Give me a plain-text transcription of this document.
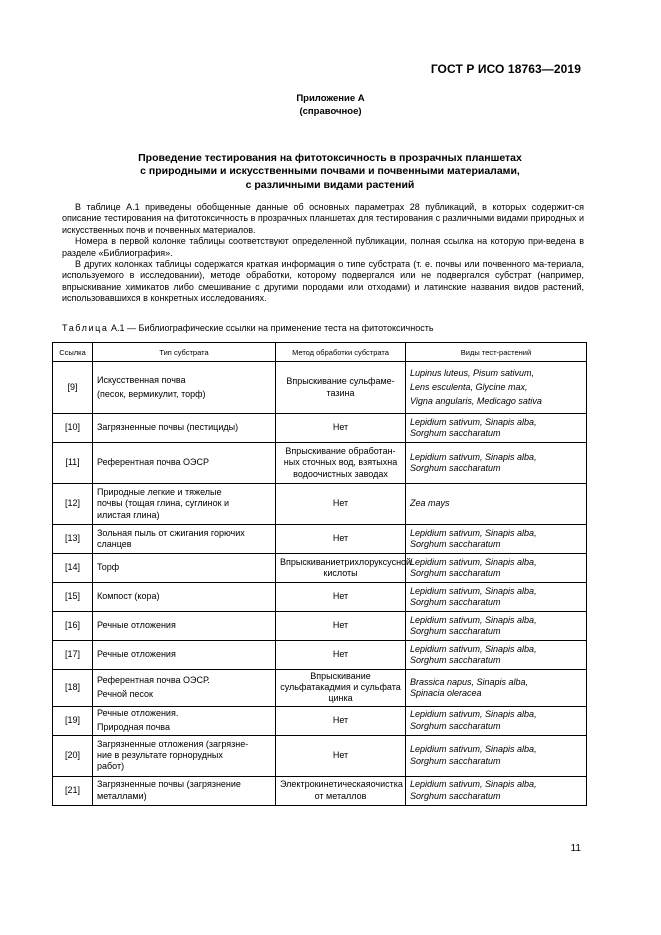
ГОСТ Р ИСО 18763—2019
Приложение А
(справочное)
Проведение тестирования на фитотоксичность в прозрачных планшетах
с природными и искусственными почвами и почвенными материалами,
с различными видами растений

В таблице А.1 приведены обобщенные данные об основных параметрах 28 публикаций, в которых содержит-ся описание тестирования на фитотоксичность в прозрачных планшетах для тестирования с различными видами природных и искусственных почв и почвенных материалов.

Номера в первой колонке таблицы соответствуют определенной публикации, полная ссылка на которую при-ведена в разделе «Библиография».

В других колонках таблицы содержатся краткая информация о типе субстрата (т. е. почвы или почвенного ма-териала, используемого в исследовании), методе обработки, которому подвергался или не подвергался субстрат (например, впрыскивание химикатов либо смешивание с другими породами или отходами) и латинские названия видов растений, использовавшихся в конкретных исследованиях.

Таблица А.1 — Библиографические ссылки на применение теста на фитотоксичность
Ссылка	Тип субстрата	Метод обработки субстрата	Виды тест-растений
[9]	Искусственная почва
(песок, вермикулит, торф)	Впрыскивание сульфаме-тазина	Lupinus luteus, Pisum sativum,
Lens esculenta, Glycine max,
Vigna angularis, Medicago sativa

[10]	Загрязненные почвы (пестициды)	Нет	Lepidium sativum, Sinapis alba,
Sorghum saccharatum

[11]	Референтная почва ОЭСР	Впрыскивание обработан-ных сточных вод, взятыхна водоочистных заводах	Lepidium sativum, Sinapis alba,
Sorghum saccharatum

[12]	Природные легкие и тяжелые
почвы (тощая глина, суглинок и
илистая глина)	Нет	Zea mays

[13]	Зольная пыль от сжигания горючих
сланцев	Нет	Lepidium sativum, Sinapis alba,
Sorghum saccharatum

[14]	Торф	Впрыскиваниетрихлоруксусной кислоты	Lepidium sativum, Sinapis alba,
Sorghum saccharatum

[15]	Компост (кора)	Нет	Lepidium sativum, Sinapis alba,
Sorghum saccharatum

[16]	Речные отложения	Нет	Lepidium sativum, Sinapis alba,
Sorghum saccharatum

[17]	Речные отложения	Нет	Lepidium sativum, Sinapis alba,
Sorghum saccharatum

[18]	Референтная почва ОЭСР.
Речной песок	Впрыскивание сульфатакадмия и сульфата цинка	Brassica napus, Sinapis alba,
Spinacia oleracea

[19]	Речные отложения.
Природная почва	Нет	Lepidium sativum, Sinapis alba,
Sorghum saccharatum

[20]	Загрязненные отложения (загрязне-
ние в результате горнорудных
работ)	Нет	Lepidium sativum, Sinapis alba,
Sorghum saccharatum

[21]	Загрязненные почвы (загрязнение
металлами)	Электрокинетическаяочистка от металлов	Lepidium sativum, Sinapis alba,
Sorghum saccharatum
11
